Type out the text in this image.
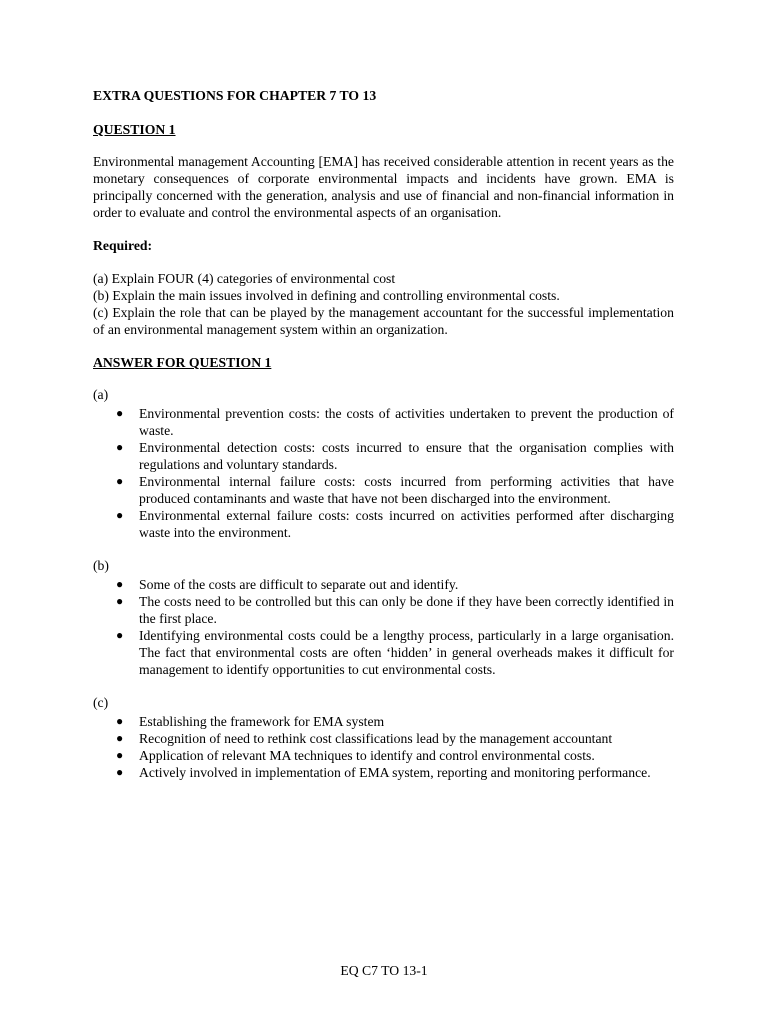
EXTRA QUESTIONS FOR CHAPTER 7 TO 13
QUESTION 1
Environmental management Accounting [EMA] has received considerable attention in recent years as the monetary consequences of corporate environmental impacts and incidents have grown. EMA is principally concerned with the generation, analysis and use of financial and non-financial information in order to evaluate and control the environmental aspects of an organisation.
Required:
(a) Explain FOUR (4) categories of environmental cost
(b) Explain the main issues involved in defining and controlling environmental costs.
(c) Explain the role that can be played by the management accountant for the successful implementation of an environmental management system within an organization.
ANSWER FOR QUESTION 1
(a)
● Environmental prevention costs: the costs of activities undertaken to prevent the production of waste.
● Environmental detection costs: costs incurred to ensure that the organisation complies with regulations and voluntary standards.
● Environmental internal failure costs: costs incurred from performing activities that have produced contaminants and waste that have not been discharged into the environment.
● Environmental external failure costs: costs incurred on activities performed after discharging waste into the environment.
(b)
● Some of the costs are difficult to separate out and identify.
● The costs need to be controlled but this can only be done if they have been correctly identified in the first place.
● Identifying environmental costs could be a lengthy process, particularly in a large organisation. The fact that environmental costs are often ‘hidden’ in general overheads makes it difficult for management to identify opportunities to cut environmental costs.
(c)
● Establishing the framework for EMA system
● Recognition of need to rethink cost classifications lead by the management accountant
● Application of relevant MA techniques to identify and control environmental costs.
● Actively involved in implementation of EMA system, reporting and monitoring performance.
EQ C7 TO 13-1
